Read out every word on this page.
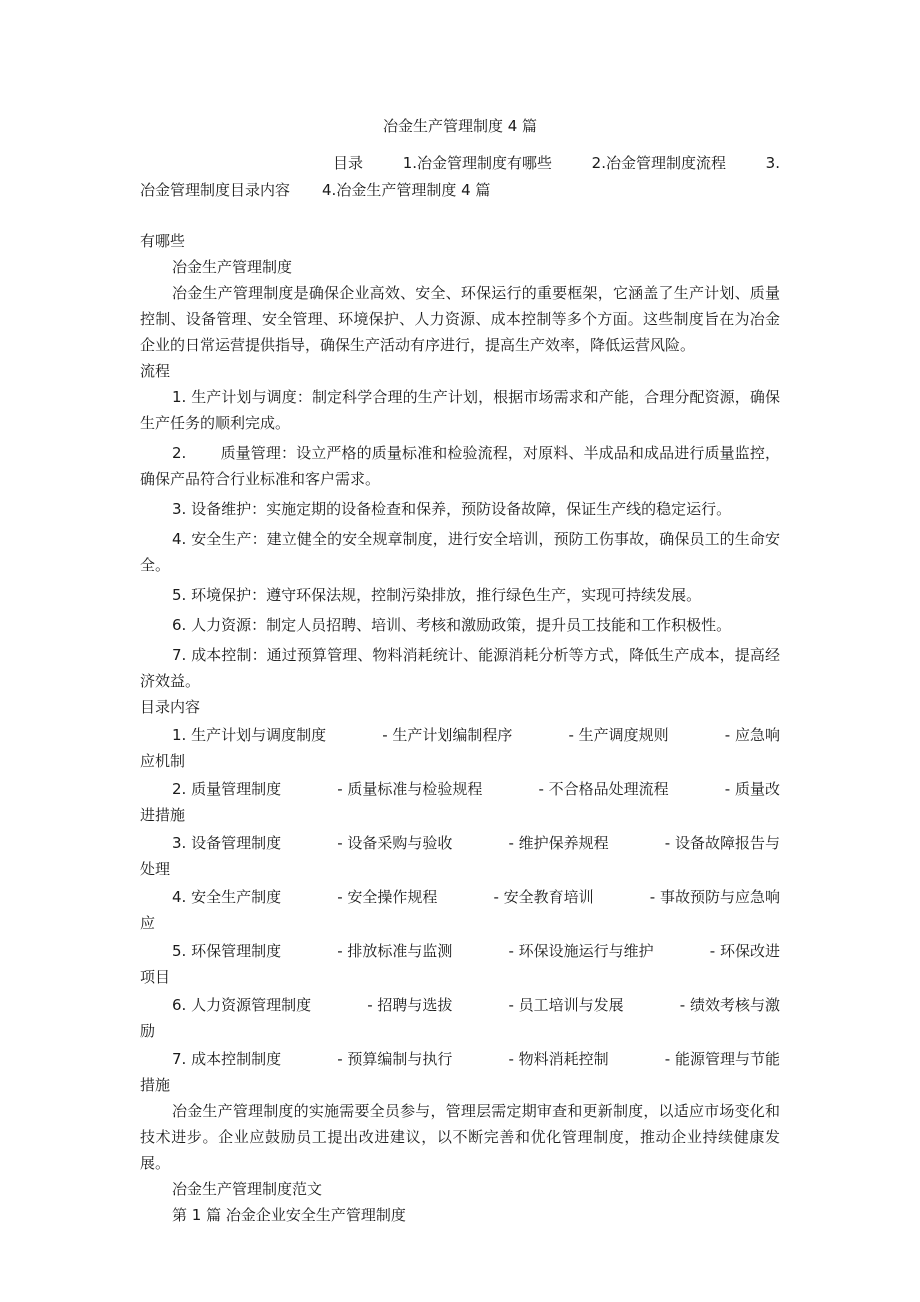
冶金生产管理制度 4 篇
目录	1.冶金管理制度有哪些	2.冶金管理制度流程	3.
冶金管理制度目录内容 4.冶金生产管理制度 4 篇

有哪些

冶金生产管理制度

冶金生产管理制度是确保企业高效、安全、环保运行的重要框架，它涵盖了生产计划、质量控制、设备管理、安全管理、环境保护、人力资源、成本控制等多个方面。这些制度旨在为冶金企业的日常运营提供指导，确保生产活动有序进行，提高生产效率，降低运营风险。

流程

1. 生产计划与调度：制定科学合理的生产计划，根据市场需求和产能，合理分配资源，确保生产任务的顺利完成。

2.       质量管理：设立严格的质量标准和检验流程，对原料、半成品和成品进行质量监控，确保产品符合行业标准和客户需求。

3. 设备维护：实施定期的设备检查和保养，预防设备故障，保证生产线的稳定运行。

4. 安全生产：建立健全的安全规章制度，进行安全培训，预防工伤事故，确保员工的生命安全。

5. 环境保护：遵守环保法规，控制污染排放，推行绿色生产，实现可持续发展。

6. 人力资源：制定人员招聘、培训、考核和激励政策，提升员工技能和工作积极性。

7. 成本控制：通过预算管理、物料消耗统计、能源消耗分析等方式，降低生产成本，提高经济效益。

目录内容

1. 生产计划与调度制度	- 生产计划编制程序	- 生产调度规则	- 应急响
应机制
2. 质量管理制度	- 质量标准与检验规程	- 不合格品处理流程	- 质量改
进措施
3. 设备管理制度	- 设备采购与验收	- 维护保养规程	- 设备故障报告与
处理
4. 安全生产制度	- 安全操作规程	- 安全教育培训	- 事故预防与应急响
应
5. 环保管理制度	- 排放标准与监测	- 环保设施运行与维护	- 环保改进
项目
6. 人力资源管理制度	- 招聘与选拔	- 员工培训与发展	- 绩效考核与激
励
7. 成本控制制度	- 预算编制与执行	- 物料消耗控制	- 能源管理与节能
措施

冶金生产管理制度的实施需要全员参与，管理层需定期审查和更新制度，以适应市场变化和技术进步。企业应鼓励员工提出改进建议，以不断完善和优化管理制度，推动企业持续健康发展。

冶金生产管理制度范文

第 1 篇 冶金企业安全生产管理制度
